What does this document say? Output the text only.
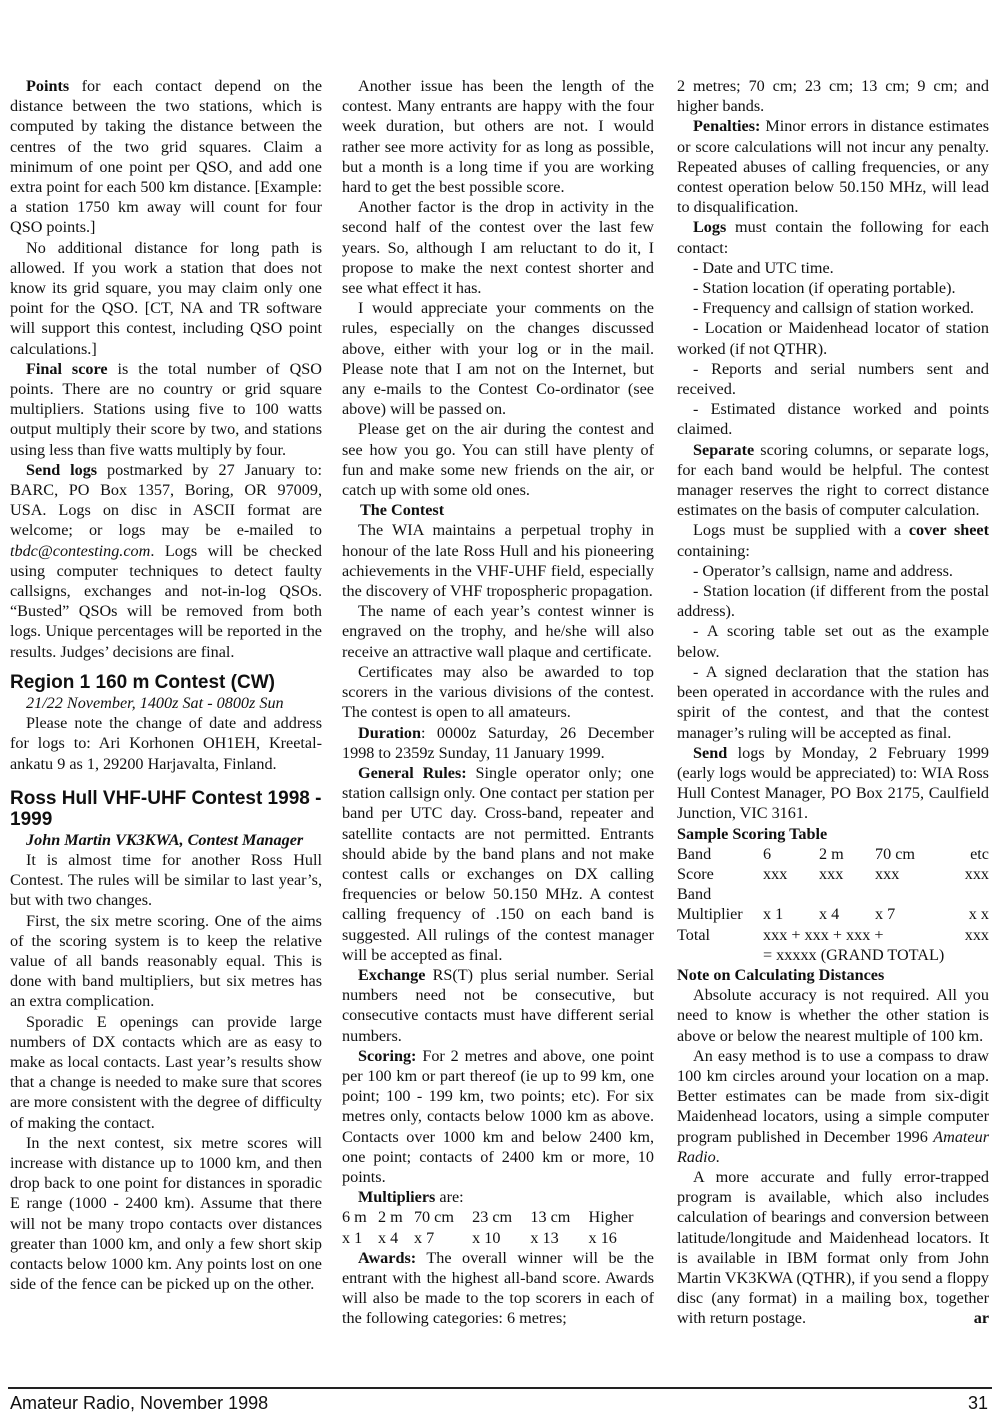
Points for each contact depend on the distance between the two stations, which is computed by taking the distance between the centres of the two grid squares. Claim a minimum of one point per QSO, and add one extra point for each 500 km distance. [Example: a station 1750 km away will count for four QSO points.]

No additional distance for long path is allowed. If you work a station that does not know its grid square, you may claim only one point for the QSO. [CT, NA and TR software will support this contest, including QSO point calculations.]

Final score is the total number of QSO points. There are no country or grid square multipliers. Stations using five to 100 watts output multiply their score by two, and stations using less than five watts multiply by four.

Send logs postmarked by 27 January to: BARC, PO Box 1357, Boring, OR 97009, USA. Logs on disc in ASCII format are welcome; or logs may be e-mailed to tbdc@contesting.com. Logs will be checked using computer techniques to detect faulty callsigns, exchanges and not-in-log QSOs. “Busted” QSOs will be removed from both logs. Unique percentages will be reported in the results. Judges’ decisions are final.

Region 1 160 m Contest (CW)

21/22 November, 1400z Sat - 0800z Sun

Please note the change of date and address for logs to: Ari Korhonen OH1EH, Kreetal-ankatu 9 as 1, 29200 Harjavalta, Finland.

Ross Hull VHF-UHF Contest 1998 - 1999

John Martin VK3KWA, Contest Manager

It is almost time for another Ross Hull Contest. The rules will be similar to last year’s, but with two changes.

First, the six metre scoring. One of the aims of the scoring system is to keep the relative value of all bands reasonably equal. This is done with band multipliers, but six metres has an extra complication.

Sporadic E openings can provide large numbers of DX contacts which are as easy to make as local contacts. Last year’s results show that a change is needed to make sure that scores are more consistent with the degree of difficulty of making the contact.

In the next contest, six metre scores will increase with distance up to 1000 km, and then drop back to one point for distances in sporadic E range (1000 - 2400 km). Assume that there will not be many tropo contacts over distances greater than 1000 km, and only a few short skip contacts below 1000 km. Any points lost on one side of the fence can be picked up on the other.

Another issue has been the length of the contest. Many entrants are happy with the four week duration, but others are not. I would rather see more activity for as long as possible, but a month is a long time if you are working hard to get the best possible score.

Another factor is the drop in activity in the second half of the contest over the last few years. So, although I am reluctant to do it, I propose to make the next contest shorter and see what effect it has.

I would appreciate your comments on the rules, especially on the changes discussed above, either with your log or in the mail. Please note that I am not on the Internet, but any e-mails to the Contest Co-ordinator (see above) will be passed on.

Please get on the air during the contest and see how you go. You can still have plenty of fun and make some new friends on the air, or catch up with some old ones.

The Contest

The WIA maintains a perpetual trophy in honour of the late Ross Hull and his pioneering achievements in the VHF-UHF field, especially the discovery of VHF tropospheric propagation.

The name of each year’s contest winner is engraved on the trophy, and he/she will also receive an attractive wall plaque and certificate.

Certificates may also be awarded to top scorers in the various divisions of the contest. The contest is open to all amateurs.

Duration: 0000z Saturday, 26 December 1998 to 2359z Sunday, 11 January 1999.

General Rules: Single operator only; one station callsign only. One contact per station per band per UTC day. Cross-band, repeater and satellite contacts are not permitted. Entrants should abide by the band plans and not make contest calls or exchanges on DX calling frequencies or below 50.150 MHz. A contest calling frequency of .150 on each band is suggested. All rulings of the contest manager will be accepted as final.

Exchange RS(T) plus serial number. Serial numbers need not be consecutive, but consecutive contacts must have different serial numbers.

Scoring: For 2 metres and above, one point per 100 km or part thereof (ie up to 99 km, one point; 100 - 199 km, two points; etc). For six metres only, contacts below 1000 km as above. Contacts over 1000 km and below 2400 km, one point; contacts of 2400 km or more, 10 points.

Multipliers are:

6 m	2 m	70 cm	23 cm	13 cm	Higher
x 1	x 4	x 7	x 10	x 13	x 16

Awards: The overall winner will be the entrant with the highest all-band score. Awards will also be made to the top scorers in each of the following categories: 6 metres;

2 metres; 70 cm; 23 cm; 13 cm; 9 cm; and higher bands.

Penalties: Minor errors in distance estimates or score calculations will not incur any penalty. Repeated abuses of calling frequencies, or any contest operation below 50.150 MHz, will lead to disqualification.

Logs must contain the following for each contact:

- Date and UTC time.

- Station location (if operating portable).

- Frequency and callsign of station worked.

- Location or Maidenhead locator of station worked (if not QTHR).

- Reports and serial numbers sent and received.

- Estimated distance worked and points claimed.

Separate scoring columns, or separate logs, for each band would be helpful. The contest manager reserves the right to correct distance estimates on the basis of computer calculation.

Logs must be supplied with a cover sheet containing:

- Operator’s callsign, name and address.

- Station location (if different from the postal address).

- A scoring table set out as the example below.

- A signed declaration that the station has been operated in accordance with the rules and spirit of the contest, and that the contest manager’s ruling will be accepted as final.

Send logs by Monday, 2 February 1999 (early logs would be appreciated) to: WIA Ross Hull Contest Manager, PO Box 2175, Caulfield Junction, VIC 3161.

Sample Scoring Table
Band	6	2 m	70 cm	etc
Score	xxx	xxx	xxx	xxx
Band				
Multiplier	x 1	x 4	x 7	x x
Total	xxx + xxx + xxx +			xxx
	= xxxxx (GRAND TOTAL)			
Note on Calculating Distances

Absolute accuracy is not required. All you need to know is whether the other station is above or below the nearest multiple of 100 km.

An easy method is to use a compass to draw 100 km circles around your location on a map. Better estimates can be made from six-digit Maidenhead locators, using a simple computer program published in December 1996 Amateur Radio.

A more accurate and fully error-trapped program is available, which also includes calculation of bearings and conversion between latitude/longitude and Maidenhead locators. It is available in IBM format only from John Martin VK3KWA (QTHR), if you send a floppy disc (any format) in a mailing box, together with return postage.	ar

Amateur Radio, November 1998	31
